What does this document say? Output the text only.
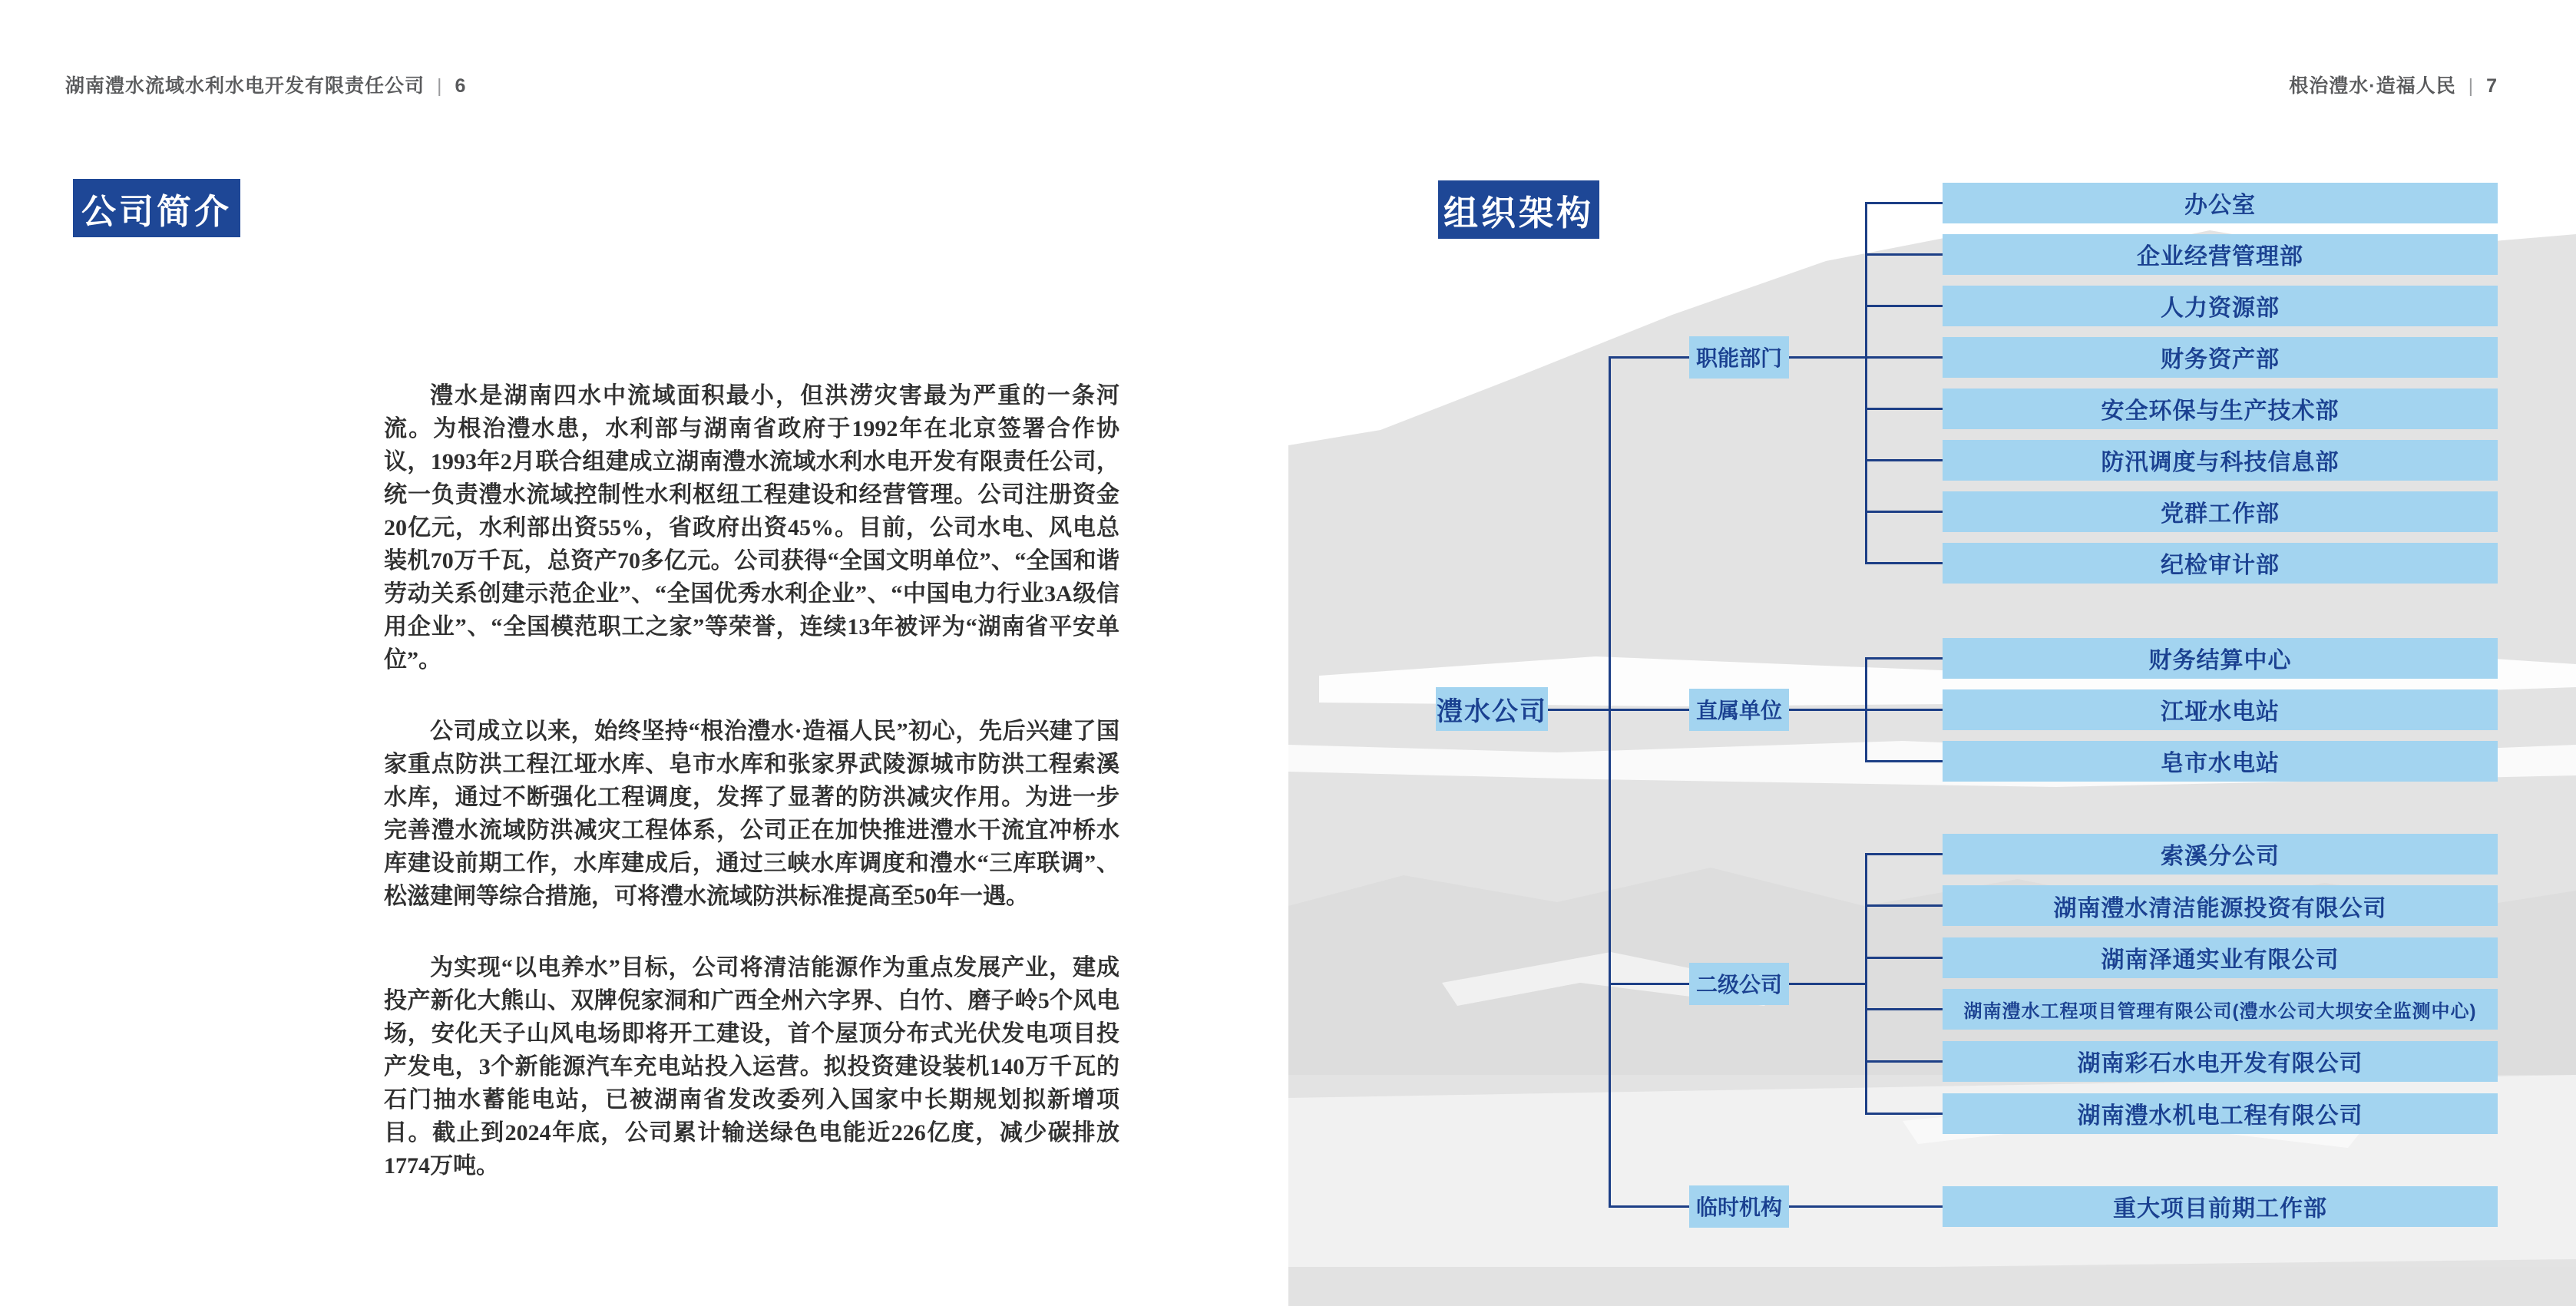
湖南澧水流域水利水电开发有限责任公司 | 6
公司简介

澧水是湖南四水中流域面积最小，但洪涝灾害最为严重的一条河流。为根治澧水患，水利部与湖南省政府于1992年在北京签署合作协议，1993年2月联合组建成立湖南澧水流域水利水电开发有限责任公司，统一负责澧水流域控制性水利枢纽工程建设和经营管理。公司注册资金20亿元，水利部出资55%，省政府出资45%。目前，公司水电、风电总装机70万千瓦，总资产70多亿元。公司获得“全国文明单位”、“全国和谐劳动关系创建示范企业”、“全国优秀水利企业”、“中国电力行业3A级信用企业”、“全国模范职工之家”等荣誉，连续13年被评为“湖南省平安单位”。

公司成立以来，始终坚持“根治澧水·造福人民”初心，先后兴建了国家重点防洪工程江垭水库、皂市水库和张家界武陵源城市防洪工程索溪水库，通过不断强化工程调度，发挥了显著的防洪减灾作用。为进一步完善澧水流域防洪减灾工程体系，公司正在加快推进澧水干流宜冲桥水库建设前期工作，水库建成后，通过三峡水库调度和澧水“三库联调”、松滋建闸等综合措施，可将澧水流域防洪标准提高至50年一遇。

为实现“以电养水”目标，公司将清洁能源作为重点发展产业，建成投产新化大熊山、双牌倪家洞和广西全州六字界、白竹、磨子岭5个风电场，安化天子山风电场即将开工建设，首个屋顶分布式光伏发电项目投产发电，3个新能源汽车充电站投入运营。拟投资建设装机140万千瓦的石门抽水蓄能电站，已被湖南省发改委列入国家中长期规划拟新增项目。截止到2024年底，公司累计输送绿色电能近226亿度，减少碳排放1774万吨。

根治澧水·造福人民 | 7
组织架构
澧水公司
职能部门
办公室
企业经营管理部
人力资源部
财务资产部
安全环保与生产技术部
防汛调度与科技信息部
党群工作部
纪检审计部
直属单位
财务结算中心
江垭水电站
皂市水电站
二级公司
索溪分公司
湖南澧水清洁能源投资有限公司
湖南泽通实业有限公司
湖南澧水工程项目管理有限公司(澧水公司大坝安全监测中心)
湖南彩石水电开发有限公司
湖南澧水机电工程有限公司
临时机构	重大项目前期工作部
